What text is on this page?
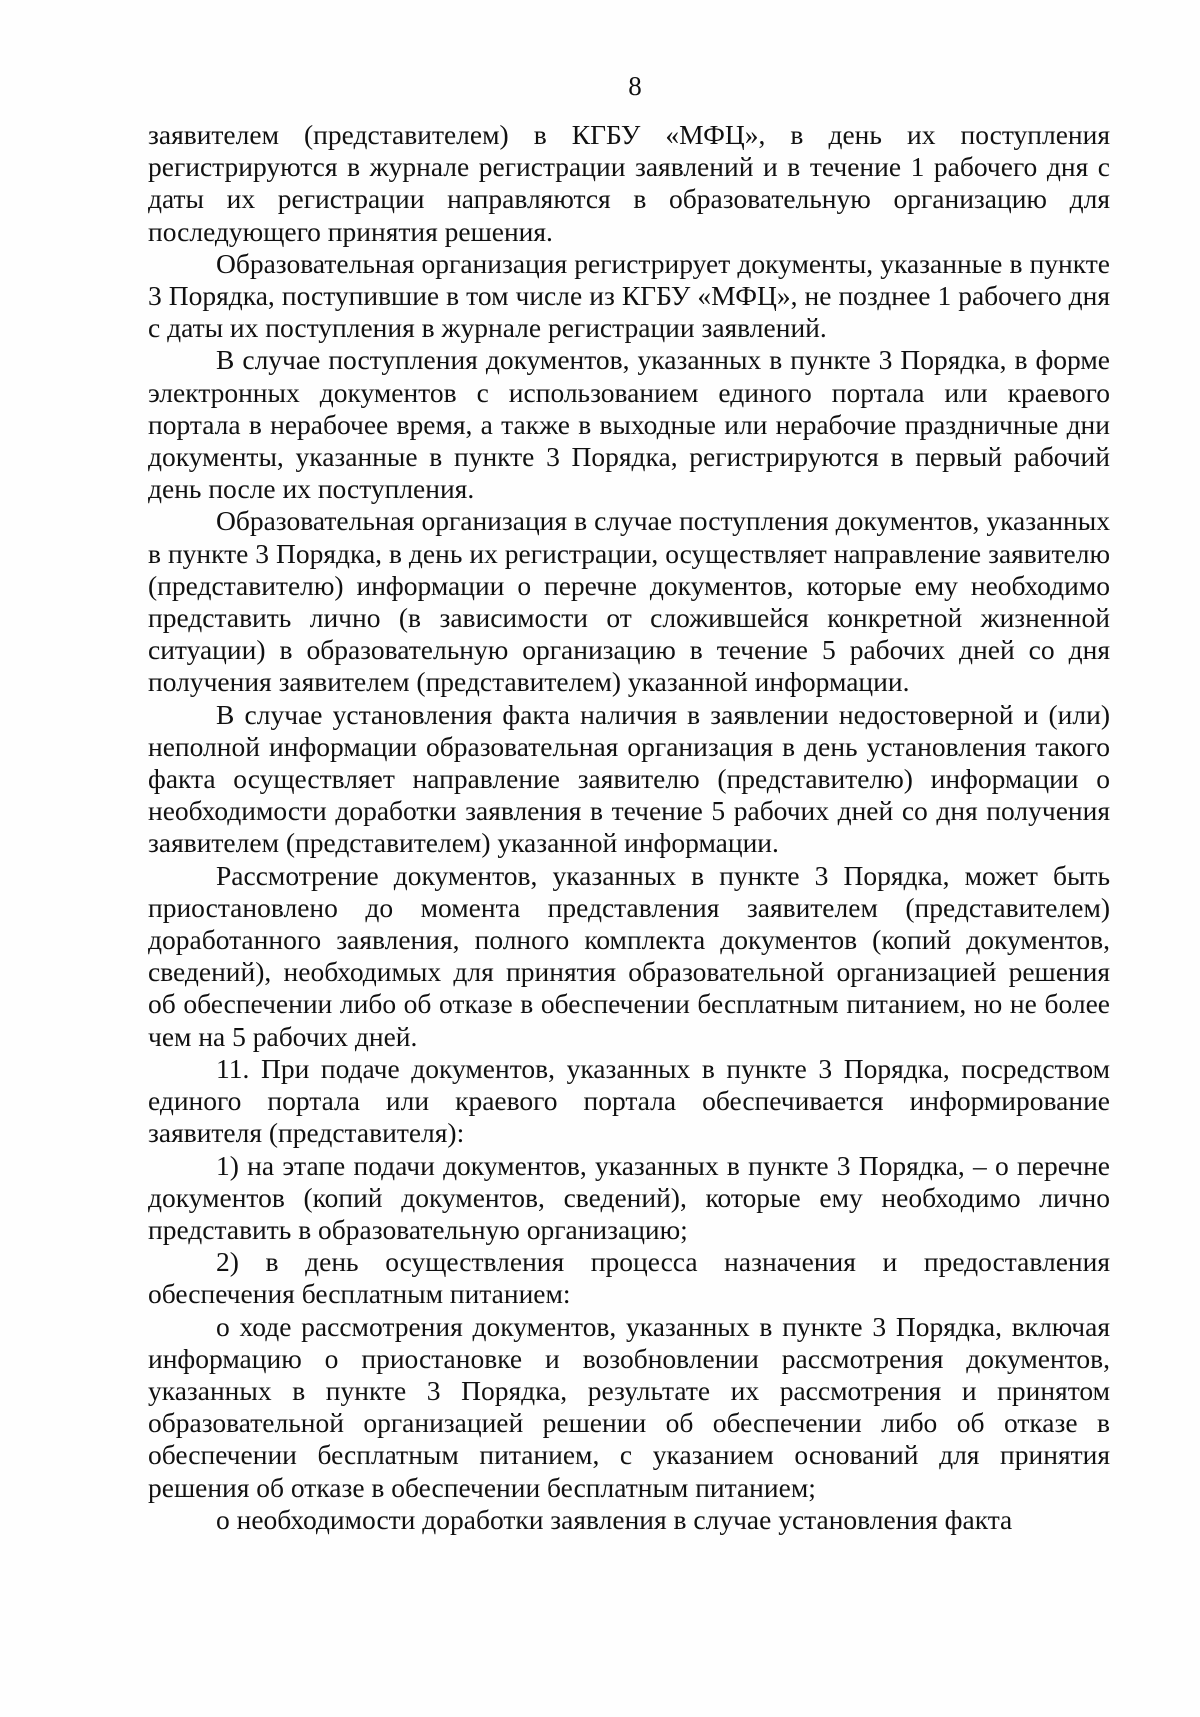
8

заявителем (представителем) в КГБУ «МФЦ», в день их поступления регистрируются в журнале регистрации заявлений и в течение 1 рабочего дня с даты их регистрации направляются в образовательную организацию для последующего принятия решения.

Образовательная организация регистрирует документы, указанные в пункте 3 Порядка, поступившие в том числе из КГБУ «МФЦ», не позднее 1 рабочего дня с даты их поступления в журнале регистрации заявлений.

В случае поступления документов, указанных в пункте 3 Порядка, в форме электронных документов с использованием единого портала или краевого портала в нерабочее время, а также в выходные или нерабочие праздничные дни документы, указанные в пункте 3 Порядка, регистрируются в первый рабочий день после их поступления.

Образовательная организация в случае поступления документов, указанных в пункте 3 Порядка, в день их регистрации, осуществляет направление заявителю (представителю) информации о перечне документов, которые ему необходимо представить лично (в зависимости от сложившейся конкретной жизненной ситуации) в образовательную организацию в течение 5 рабочих дней со дня получения заявителем (представителем) указанной информации.

В случае установления факта наличия в заявлении недостоверной и (или) неполной информации образовательная организация в день установления такого факта осуществляет направление заявителю (представителю) информации о необходимости доработки заявления в течение 5 рабочих дней со дня получения заявителем (представителем) указанной информации.

Рассмотрение документов, указанных в пункте 3 Порядка, может быть приостановлено до момента представления заявителем (представителем) доработанного заявления, полного комплекта документов (копий документов, сведений), необходимых для принятия образовательной организацией решения об обеспечении либо об отказе в обеспечении бесплатным питанием, но не более чем на 5 рабочих дней.

11. При подаче документов, указанных в пункте 3 Порядка, посредством единого портала или краевого портала обеспечивается информирование заявителя (представителя):

1) на этапе подачи документов, указанных в пункте 3 Порядка, – о перечне документов (копий документов, сведений), которые ему необходимо лично представить в образовательную организацию;

2) в день осуществления процесса назначения и предоставления обеспечения бесплатным питанием:

о ходе рассмотрения документов, указанных в пункте 3 Порядка, включая информацию о приостановке и возобновлении рассмотрения документов, указанных в пункте 3 Порядка, результате их рассмотрения и принятом образовательной организацией решении об обеспечении либо об отказе в обеспечении бесплатным питанием, с указанием оснований для принятия решения об отказе в обеспечении бесплатным питанием;

о необходимости доработки заявления в случае установления факта
